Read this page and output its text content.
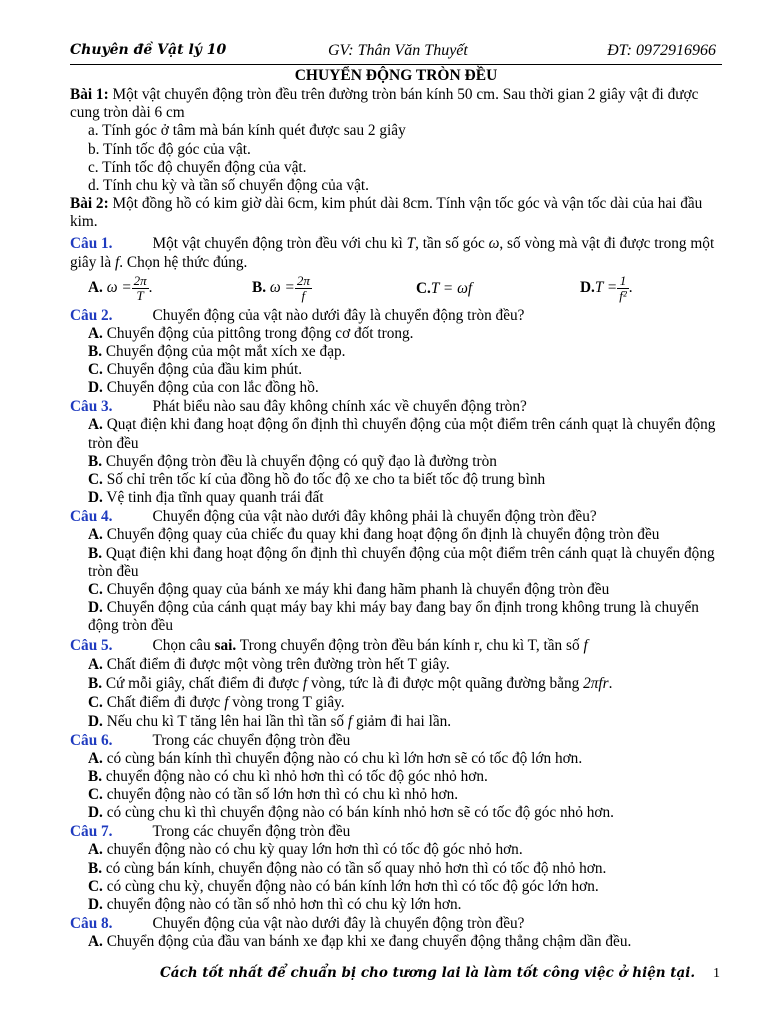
Chuyên đề Vật lý 10	GV: Thân Văn Thuyết	ĐT: 0972916966
CHUYỂN ĐỘNG TRÒN ĐỀU

Bài 1: Một vật chuyển động tròn đều trên đường tròn bán kính 50 cm. Sau thời gian 2 giây vật đi được cung tròn dài 6 cm

a. Tính góc ở tâm mà bán kính quét được sau 2 giây

b. Tính tốc độ góc của vật.

c. Tính tốc độ chuyển động của vật.

d. Tính chu kỳ và tần số chuyển động của vật.

Bài 2: Một đồng hồ có kim giờ dài 6cm, kim phút dài 8cm. Tính vận tốc góc và vận tốc dài của hai đầu kim.

Câu 1.	Một vật chuyển động tròn đều với chu kì T, tần số góc ω, số vòng mà vật đi được trong một giây là f. Chọn hệ thức đúng.

A. $\omega = \frac{2\pi}{T}$ .	B. $\omega = \frac{2\pi}{f}$	C.T = ωf	$D.T = \frac{1}{\text{f²}}$ .

Câu 2.	Chuyển động của vật nào dưới đây là chuyển động tròn đều?

A. Chuyển động của pittông trong động cơ đốt trong.

B. Chuyển động của một mắt xích xe đạp.

C. Chuyển động của đầu kim phút.

D. Chuyển động của con lắc đồng hồ.

Câu 3.	Phát biểu nào sau đây không chính xác về chuyển động tròn?

A. Quạt điện khi đang hoạt động ổn định thì chuyển động của một điểm trên cánh quạt là chuyển động tròn đều

B. Chuyển động tròn đều là chuyển động có quỹ đạo là đường tròn

C. Số chỉ trên tốc kí của đồng hồ đo tốc độ xe cho ta biết tốc độ trung bình

D. Vệ tinh địa tĩnh quay quanh trái đất

Câu 4.	Chuyển động của vật nào dưới đây không phải là chuyển động tròn đều?

A. Chuyển động quay của chiếc đu quay khi đang hoạt động ổn định là chuyển động tròn đều

B. Quạt điện khi đang hoạt động ổn định thì chuyển động của một điểm trên cánh quạt là chuyển động tròn đều

C. Chuyển động quay của bánh xe máy khi đang hãm phanh là chuyển động tròn đều

D. Chuyển động của cánh quạt máy bay khi máy bay đang bay ổn định trong không trung là chuyển động tròn đều

Câu 5.	Chọn câu sai. Trong chuyển động tròn đều bán kính r, chu kì T, tần số f

A. Chất điểm đi được một vòng trên đường tròn hết T giây.

B. Cứ mỗi giây, chất điểm đi được f vòng, tức là đi được một quãng đường bằng 2πfr.

C. Chất điểm đi được f vòng trong T giây.

D. Nếu chu kì T tăng lên hai lần thì tần số f giảm đi hai lần.

Câu 6.	Trong các chuyển động tròn đều

A. có cùng bán kính thì chuyển động nào có chu kì lớn hơn sẽ có tốc độ lớn hơn.

B. chuyển động nào có chu kì nhỏ hơn thì có tốc độ góc nhỏ hơn.

C. chuyển động nào có tần số lớn hơn thì có chu kì nhỏ hơn.

D. có cùng chu kì thì chuyển động nào có bán kính nhỏ hơn sẽ có tốc độ góc nhỏ hơn.

Câu 7.	Trong các chuyển động tròn đều

A. chuyển động nào có chu kỳ quay lớn hơn thì có tốc độ góc nhỏ hơn.

B. có cùng bán kính, chuyển động nào có tần số quay nhỏ hơn thì có tốc độ nhỏ hơn.

C. có cùng chu kỳ, chuyển động nào có bán kính lớn hơn thì có tốc độ góc lớn hơn.

D. chuyển động nào có tần số nhỏ hơn thì có chu kỳ lớn hơn.

Câu 8.	Chuyển động của vật nào dưới đây là chuyển động tròn đều?

A. Chuyển động của đầu van bánh xe đạp khi xe đang chuyển động thẳng chậm dần đều.

Cách tốt nhất để chuẩn bị cho tương lai là làm tốt công việc ở hiện tại. 1
